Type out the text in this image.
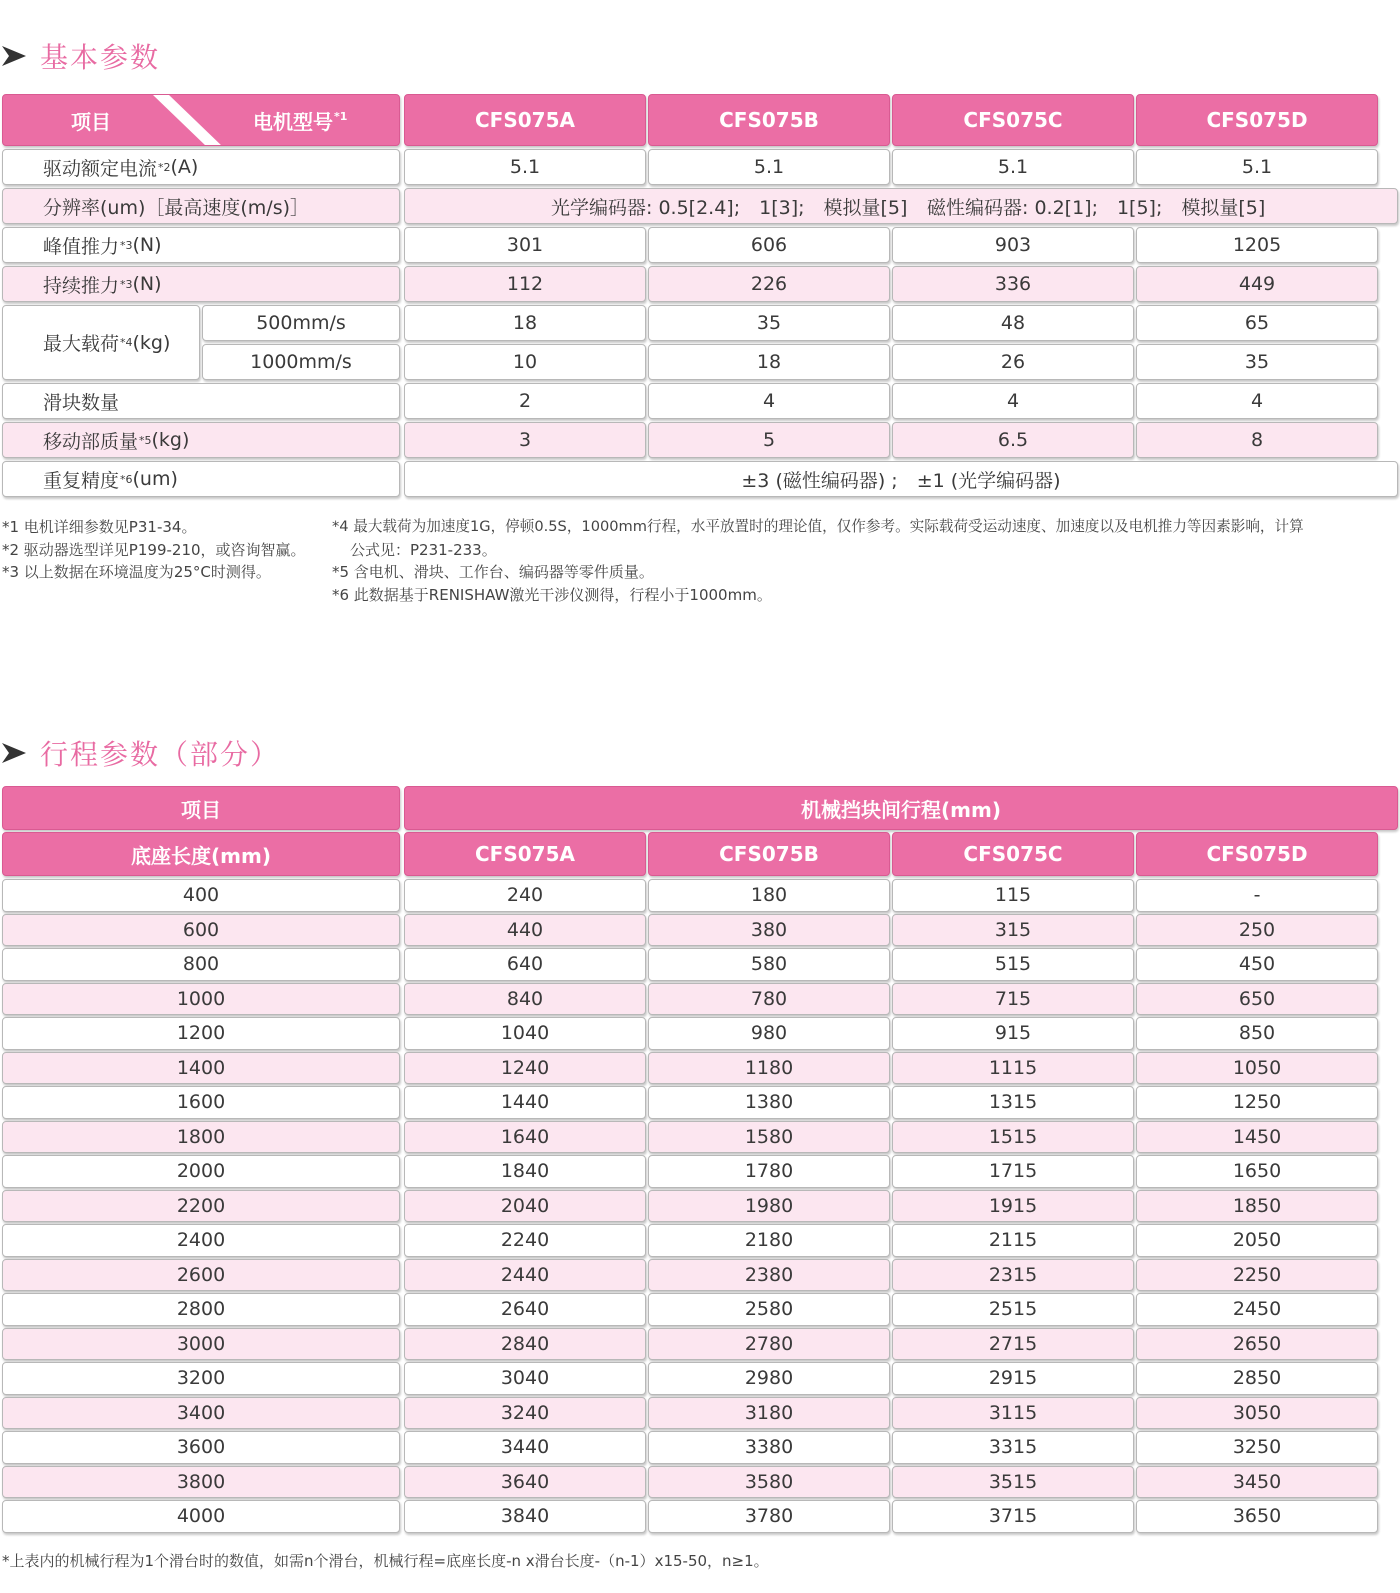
基本参数
项目	电机型号$^{*1}$	CFS075A	CFS075B	CFS075C	CFS075D
驱动额定电流 *2 (A)	5.1	5.1	5.1	5.1
分辨率(um)［最高速度(m/s)］	光学编码器: 0.5[2.4];　1[3];　模拟量[5] 磁性编码器: 0.2[1];　1[5];　模拟量[5]
峰值推力 *3 (N)	301	606	903	1205
持续推力 *3 (N)	112	226	336	449
最大载荷 *4 (kg)
500mm/s	18	35	48	65
1000mm/s	10	18	26	35
滑块数量	2	4	4	4
移动部质量 *5 (kg)	3	5	6.5	8
重复精度 *6 (um)	±3 (磁性编码器) ;　±1 (光学编码器)
*1 电机详细参数见P31-34。
*2 驱动器选型详见P199-210，或咨询智赢。
*3 以上数据在环境温度为25°C时测得。
*4 最大载荷为加速度1G，停顿0.5S，1000mm行程，水平放置时的理论值，仅作参考。实际载荷受运动速度、加速度以及电机推力等因素影响，计算
公式见：P231-233。
*5 含电机、滑块、工作台、编码器等零件质量。
*6 此数据基于RENISHAW激光干涉仪测得，行程小于1000mm。
行程参数（部分）
项目	机械挡块间行程(mm)
底座长度(mm)	CFS075A	CFS075B	CFS075C	CFS075D
400	240	180	115	-
600	440	380	315	250
800	640	580	515	450
1000	840	780	715	650
1200	1040	980	915	850
1400	1240	1180	1115	1050
1600	1440	1380	1315	1250
1800	1640	1580	1515	1450
2000	1840	1780	1715	1650
2200	2040	1980	1915	1850
2400	2240	2180	2115	2050
2600	2440	2380	2315	2250
2800	2640	2580	2515	2450
3000	2840	2780	2715	2650
3200	3040	2980	2915	2850
3400	3240	3180	3115	3050
3600	3440	3380	3315	3250
3800	3640	3580	3515	3450
4000	3840	3780	3715	3650
*上表内的机械行程为1个滑台时的数值，如需n个滑台，机械行程=底座长度-n x滑台长度-（n-1）x15-50，n≥1。
